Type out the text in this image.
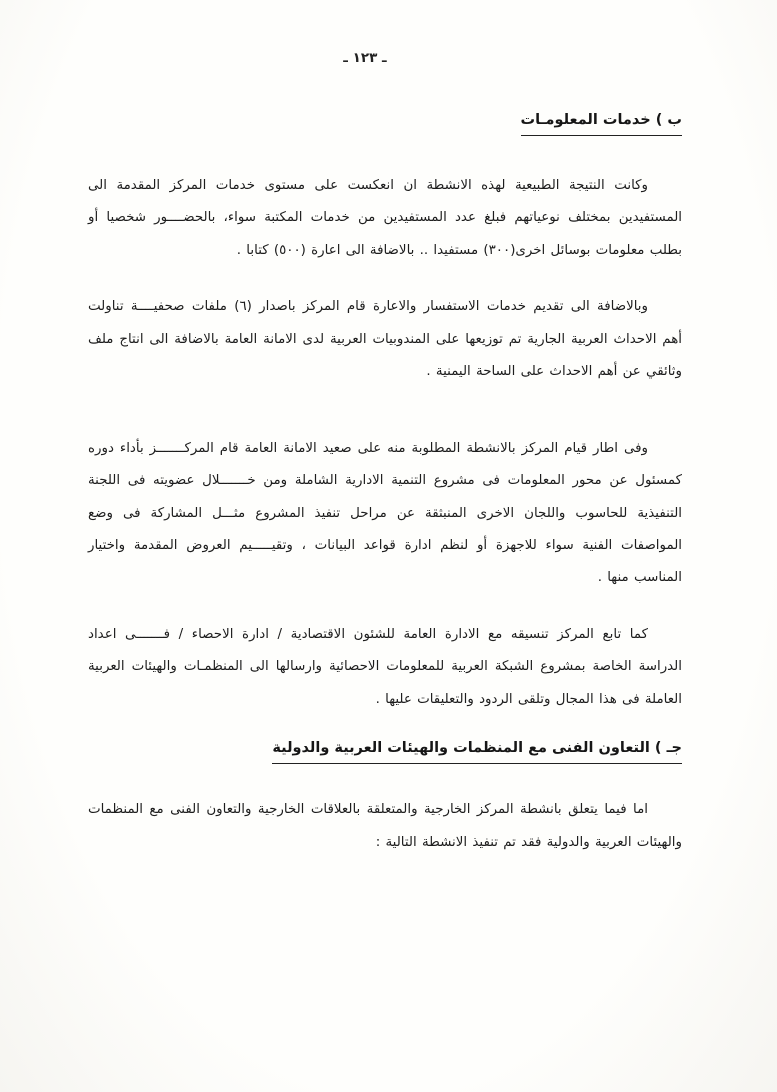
ـ ١٢٣ ـ
ب ) خدمات المعلومـات

وكانت النتيجة الطبيعية لهذه الانشطة ان انعكست على مستوى خدمات المركز المقدمة الى المستفيدين بمختلف نوعياتهم فبلغ عدد المستفيدين من خدمات المكتبة سواء، بالحضــــور شخصيا أو بطلب معلومات بوسائل اخرى(٣٠٠) مستفيدا .. بالاضافة الى اعارة (٥٠٠) كتابا .

وبالاضافة الى تقديم خدمات الاستفسار والاعارة قام المركز باصدار (٦) ملفات صحفيــــة تناولت أهم الاحداث العربية الجارية تم توزيعها على المندوبيات العربية لدى الامانة العامة بالاضافة الى انتاج ملف وثائقي عن أهم الاحداث على الساحة اليمنية .

وفى اطار قيام المركز بالانشطة المطلوبة منه على صعيد الامانة العامة قام المركـــــــز بأداء دوره كمسئول عن محور المعلومات فى مشروع التنمية الادارية الشاملة ومن خـــــــلال عضويته فى اللجنة التنفيذية للحاسوب واللجان الاخرى المنبثقة عن مراحل تنفيذ المشروع مثـــل المشاركة فى وضع المواصفات الفنية سواء للاجهزة أو لنظم ادارة قواعد البيانات ، وتقيـــــيم العروض المقدمة واختيار المناسب منها .

كما تابع المركز تنسيقه مع الادارة العامة للشئون الاقتصادية / ادارة الاحصاء / فـــــــى اعداد الدراسة الخاصة بمشروع الشبكة العربية للمعلومات الاحصائية وارسالها الى المنظمـات والهيئات العربية العاملة فى هذا المجال وتلقى الردود والتعليقات عليها .

جـ ) التعاون الفنى مع المنظمات والهيئات العربية والدولية

اما فيما يتعلق بانشطة المركز الخارجية والمتعلقة بالعلاقات الخارجية والتعاون الفنى مع المنظمات والهيئات العربية والدولية فقد تم تنفيذ الانشطة التالية :
